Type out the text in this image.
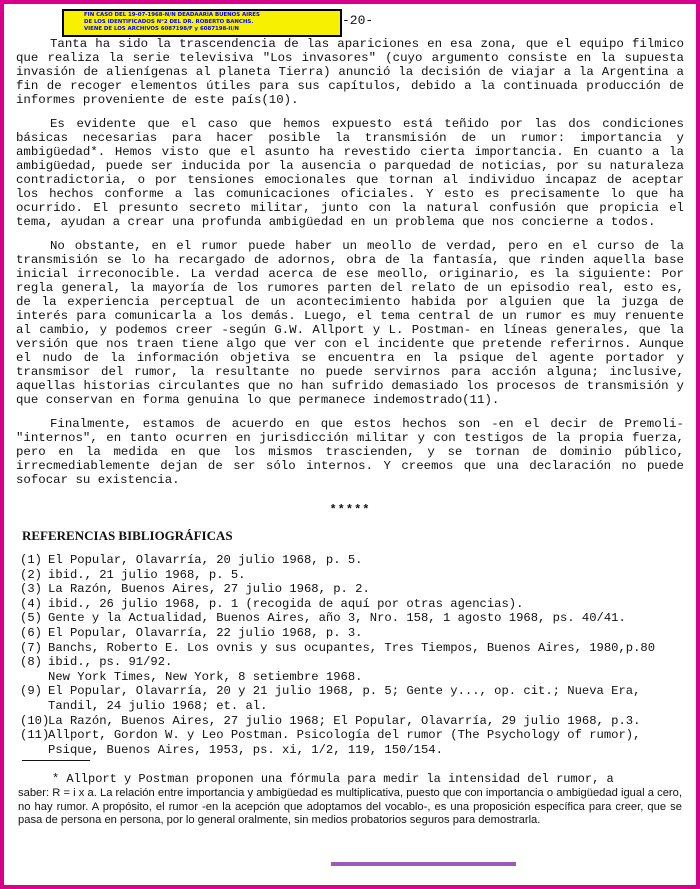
FIN CASO DEL 19-07-1968-N/N DEADAARIA BUENOS AIRES
DE LOS IDENTIFICADOS N°2 DEL DR. ROBERTO BANCHS.
VIENE DE LOS ARCHIVOS 6087198/F y 6087198-II/N
-20-

Tanta ha sido la trascendencia de las apariciones en esa zona, que el equipo filmico que realiza la serie televisiva "Los invasores" (cuyo argumento consiste en la supuesta invasión de alienígenas al planeta Tierra) anunció la decisión de viajar a la Argentina a fin de recoger elementos útiles para sus capítulos, debido a la continuada producción de informes proveniente de este país(10).

Es evidente que el caso que hemos expuesto está teñido por las dos condiciones básicas necesarias para hacer posible la transmisión de un rumor: importancia y ambigüedad*. Hemos visto que el asunto ha revestido cierta importancia. En cuanto a la ambigüedad, puede ser inducida por la ausencia o parquedad de noticias, por su naturaleza contradictoria, o por tensiones emocionales que tornan al individuo incapaz de aceptar los hechos conforme a las comunicaciones oficiales. Y esto es precisamente lo que ha ocurrido. El presunto secreto militar, junto con la natural confusión que propicia el tema, ayudan a crear una profunda ambigüedad en un problema que nos concierne a todos.

No obstante, en el rumor puede haber un meollo de verdad, pero en el curso de la transmisión se lo ha recargado de adornos, obra de la fantasía, que rinden aquella base inicial irreconocible. La verdad acerca de ese meollo, originario, es la siguiente: Por regla general, la mayoría de los rumores parten del relato de un episodio real, esto es, de la experiencia perceptual de un acontecimiento habida por alguien que la juzga de interés para comunicarla a los demás. Luego, el tema central de un rumor es muy renuente al cambio, y podemos creer -según G.W. Allport y L. Postman- en líneas generales, que la versión que nos traen tiene algo que ver con el incidente que pretende referirnos. Aunque el nudo de la información objetiva se encuentra en la psique del agente portador y transmisor del rumor, la resultante no puede servirnos para acción alguna; inclusive, aquellas historias circulantes que no han sufrido demasiado los procesos de transmisión y que conservan en forma genuina lo que permanece indemostrado(11).

Finalmente, estamos de acuerdo en que estos hechos son -en el decir de Premoli- "internos", en tanto ocurren en jurisdicción militar y con testigos de la propia fuerza, pero en la medida en que los mismos trascienden, y se tornan de dominio público, irrecmediablemente dejan de ser sólo internos. Y creemos que una declaración no puede sofocar su existencia.

*****
REFERENCIAS BIBLIOGRÁFICAS
(1) El Popular, Olavarría, 20 julio 1968, p. 5.
(2) ibid., 21 julio 1968, p. 5.
(3) La Razón, Buenos Aires, 27 julio 1968, p. 2.
(4) ibid., 26 julio 1968, p. 1 (recogida de aquí por otras agencias).
(5) Gente y la Actualidad, Buenos Aires, año 3, Nro. 158, 1 agosto 1968, ps. 40/41.
(6) El Popular, Olavarría, 22 julio 1968, p. 3.
(7) Banchs, Roberto E. Los ovnis y sus ocupantes, Tres Tiempos, Buenos Aires, 1980,p.80
(8) ibid., ps. 91/92.
New York Times, New York, 8 setiembre 1968.
(9) El Popular, Olavarría, 20 y 21 julio 1968, p. 5; Gente y..., op. cit.; Nueva Era,
Tandil, 24 julio 1968; et. al.
(10)
La Razón, Buenos Aires, 27 julio 1968; El Popular, Olavarría, 29 julio 1968, p.3.
(11)
Allport, Gordon W. y Leo Postman. Psicología del rumor (The Psychology of rumor),
Psique, Buenos Aires, 1953, ps. xi, 1/2, 119, 150/154.
* Allport y Postman proponen una fórmula para medir la intensidad del rumor, a
saber: R = i x a. La relación entre importancia y ambigüedad es multiplicativa, puesto que con importancia o ambigüedad igual a cero, no hay rumor. A propósito, el rumor -en la acepción que adoptamos del vocablo-, es una proposición específica para creer, que se pasa de persona en persona, por lo general oralmente, sin medios probatorios seguros para demostrarla.
